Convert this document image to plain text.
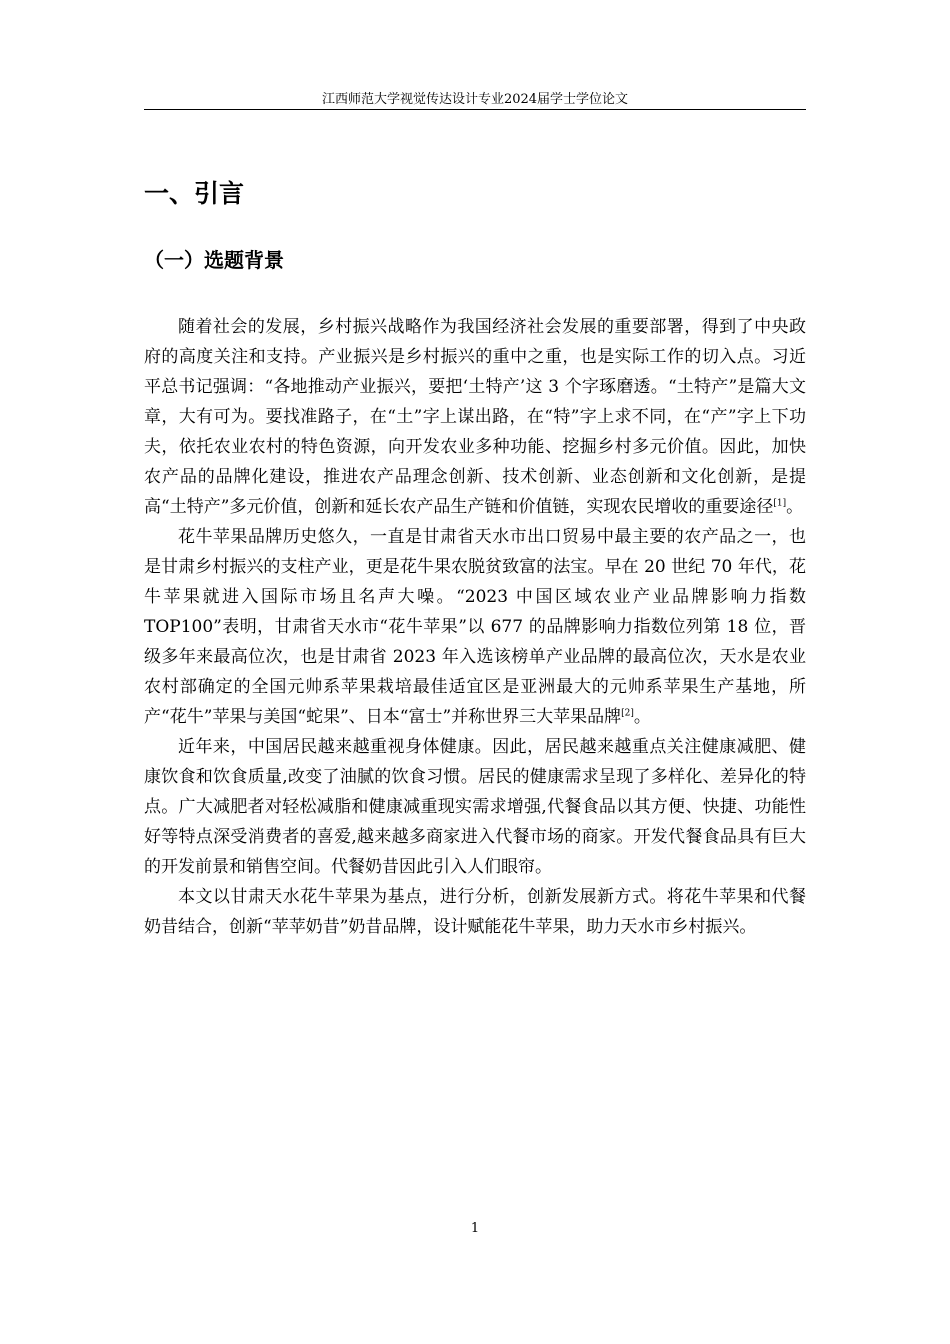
江西师范大学视觉传达设计专业2024届学士学位论文
一、引言
（一）选题背景

随着社会的发展，乡村振兴战略作为我国经济社会发展的重要部署，得到了中央政府的高度关注和支持。产业振兴是乡村振兴的重中之重，也是实际工作的切入点。习近平总书记强调：“各地推动产业振兴，要把‘土特产’这 3 个字琢磨透。“土特产”是篇大文章，大有可为。要找准路子，在“土”字上谋出路，在“特”字上求不同，在“产”字上下功夫，依托农业农村的特色资源，向开发农业多种功能、挖掘乡村多元价值。因此，加快农产品的品牌化建设，推进农产品理念创新、技术创新、业态创新和文化创新，是提高“土特产”多元价值，创新和延长农产品生产链和价值链，实现农民增收的重要途径[1]。

花牛苹果品牌历史悠久，一直是甘肃省天水市出口贸易中最主要的农产品之一，也是甘肃乡村振兴的支柱产业，更是花牛果农脱贫致富的法宝。早在 20 世纪 70 年代，花牛苹果就进入国际市场且名声大噪。“2023 中国区域农业产业品牌影响力指数 TOP100”表明，甘肃省天水市“花牛苹果”以 677 的品牌影响力指数位列第 18 位，晋级多年来最高位次，也是甘肃省 2023 年入选该榜单产业品牌的最高位次，天水是农业农村部确定的全国元帅系苹果栽培最佳适宜区是亚洲最大的元帅系苹果生产基地，所产“花牛”苹果与美国“蛇果”、日本“富士”并称世界三大苹果品牌[2]。

近年来，中国居民越来越重视身体健康。因此，居民越来越重点关注健康减肥、健康饮食和饮食质量,改变了油腻的饮食习惯。居民的健康需求呈现了多样化、差异化的特点。广大减肥者对轻松减脂和健康减重现实需求增强,代餐食品以其方便、快捷、功能性好等特点深受消费者的喜爱,越来越多商家进入代餐市场的商家。开发代餐食品具有巨大的开发前景和销售空间。代餐奶昔因此引入人们眼帘。

本文以甘肃天水花牛苹果为基点，进行分析，创新发展新方式。将花牛苹果和代餐奶昔结合，创新“苹苹奶昔”奶昔品牌，设计赋能花牛苹果，助力天水市乡村振兴。

1
